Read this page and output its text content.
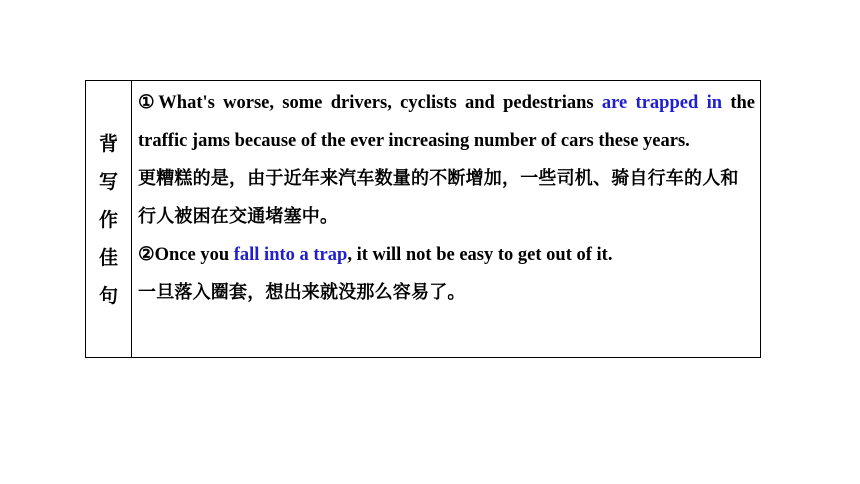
背
写
作
佳
句
①What's worse, some drivers, cyclists and pedestrians are trapped in the traffic jams because of the ever increasing number of cars these years.
更糟糕的是，由于近年来汽车数量的不断增加，一些司机、骑自行车的人和行人被困在交通堵塞中。
②Once you fall into a trap, it will not be easy to get out of it.
一旦落入圈套，想出来就没那么容易了。
